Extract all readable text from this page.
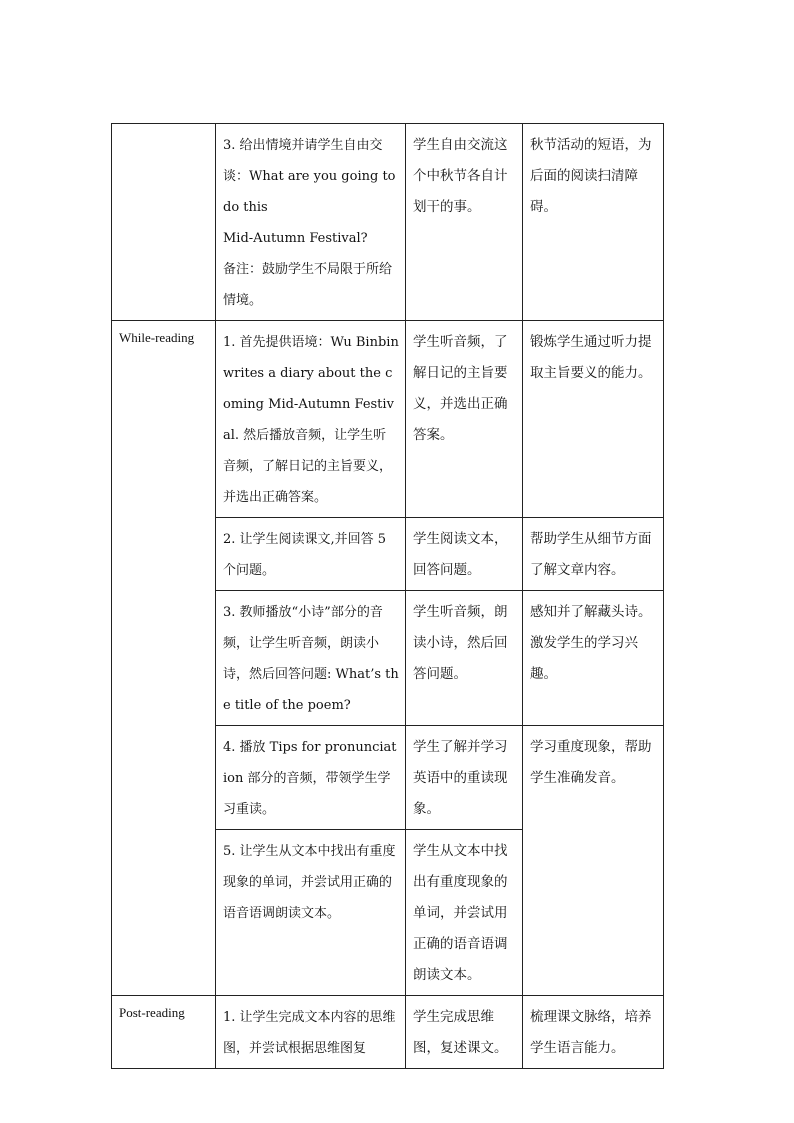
	3. 给出情境并请学生自由交谈：What are you going to do this
Mid-Autumn Festival?
备注：鼓励学生不局限于所给情境。	学生自由交流这个中秋节各自计划干的事。	秋节活动的短语，为后面的阅读扫清障碍。
While-reading	1. 首先提供语境：Wu Binbin writes a diary about the coming Mid-Autumn Festival. 然后播放音频，让学生听音频，了解日记的主旨要义，并选出正确答案。	学生听音频，了解日记的主旨要义，并选出正确答案。	锻炼学生通过听力提取主旨要义的能力。
	2. 让学生阅读课文,并回答 5 个问题。	学生阅读文本，回答问题。	帮助学生从细节方面了解文章内容。
	3. 教师播放“小诗”部分的音频，让学生听音频，朗读小诗，然后回答问题: What’s the title of the poem?	学生听音频，朗读小诗，然后回答问题。	感知并了解藏头诗。激发学生的学习兴趣。
	4. 播放 Tips for pronunciation 部分的音频，带领学生学习重读。	学生了解并学习英语中的重读现象。	学习重度现象，帮助学生准确发音。
	5. 让学生从文本中找出有重度现象的单词，并尝试用正确的语音语调朗读文本。	学生从文本中找出有重度现象的单词，并尝试用正确的语音语调朗读文本。	
Post-reading	1. 让学生完成文本内容的思维图，并尝试根据思维图复	学生完成思维图，复述课文。	梳理课文脉络，培养学生语言能力。
